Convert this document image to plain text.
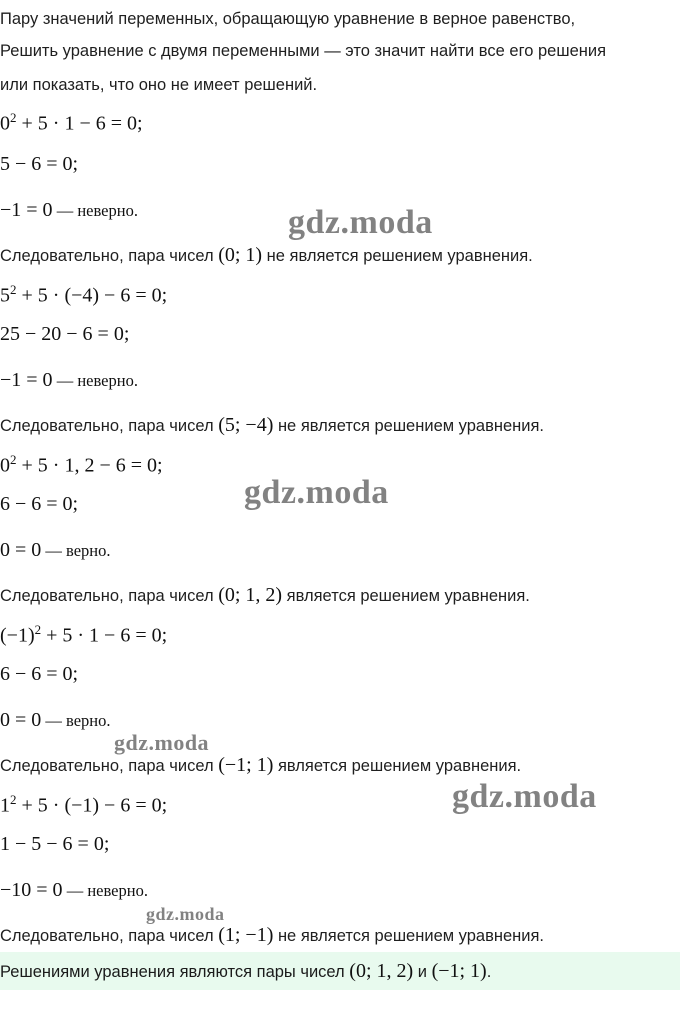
Пару значений переменных, обращающую уравнение в верное равенство,
Решить уравнение с двумя переменными — это значит найти все его решения
или показать, что оно не имеет решений.
$0^2 + 5 \cdot 1 - 6 = 0$;
5 − 6 = 0;
−1 = 0 — неверно.
Следовательно, пара чисел (0; 1) не является решением уравнения.
$5^2 + 5 \cdot (-4) - 6 = 0$;
25 − 20 − 6 = 0;
−1 = 0 — неверно.
Следовательно, пара чисел (5; −4) не является решением уравнения.
$0^2 + 5 \cdot 1$, 2 − 6 = 0;
6 − 6 = 0;
0 = 0 — верно.
Следовательно, пара чисел (0; 1, 2) является решением уравнения.
$(-1)^2 + 5 \cdot 1 - 6 = 0$;
6 − 6 = 0;
0 = 0 — верно.
Следовательно, пара чисел (−1; 1) является решением уравнения.
$1^2 + 5 \cdot (-1) - 6 = 0$;
1 − 5 − 6 = 0;
−10 = 0 — неверно.
Следовательно, пара чисел (1; −1) не является решением уравнения.
Решениями уравнения являются пары чисел (0; 1, 2) и (−1; 1).
gdz.moda
gdz.moda
gdz.moda
gdz.moda
gdz.moda
